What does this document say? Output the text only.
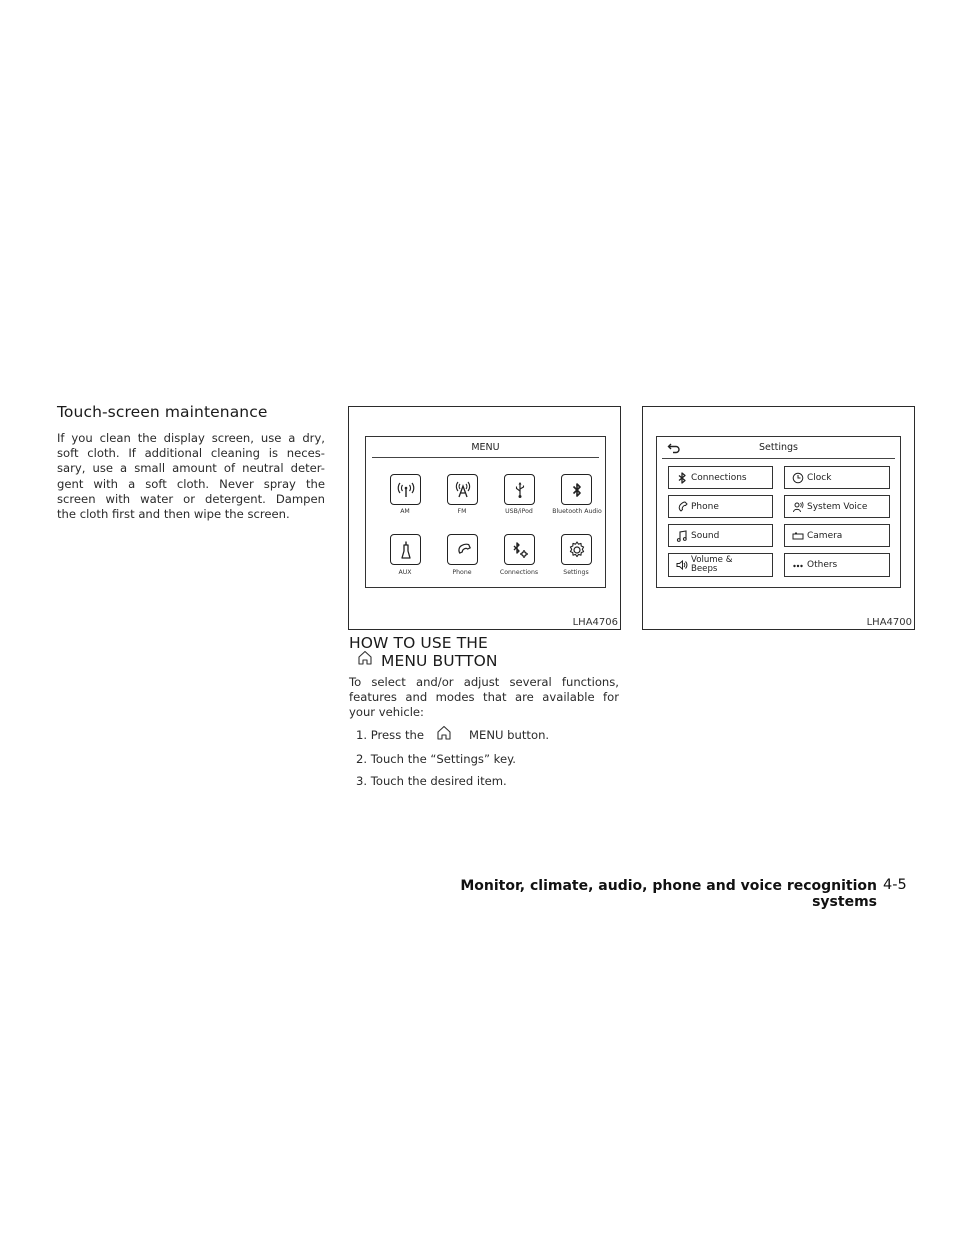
Touch-screen maintenance
If you clean the display screen, use a dry,
soft cloth. If additional cleaning is neces-
sary, use a small amount of neutral deter-
gent with a soft cloth. Never spray the
screen with water or detergent. Dampen
the cloth first and then wipe the screen.
MENU
AM	FM	USB/iPod	Bluetooth Audio
AUX	Phone	Connections	Settings
LHA4706
Settings
Connections
Phone
Sound
Volume & Beeps
Clock
System Voice
Camera
Others
LHA4700
HOW TO USE THE
MENU BUTTON
To select and/or adjust several functions,
features and modes that are available for
your vehicle:
1. Press the	MENU button.
2. Touch the “Settings” key.
3. Touch the desired item.
Monitor, climate, audio, phone and voice recognition systems
4-5
